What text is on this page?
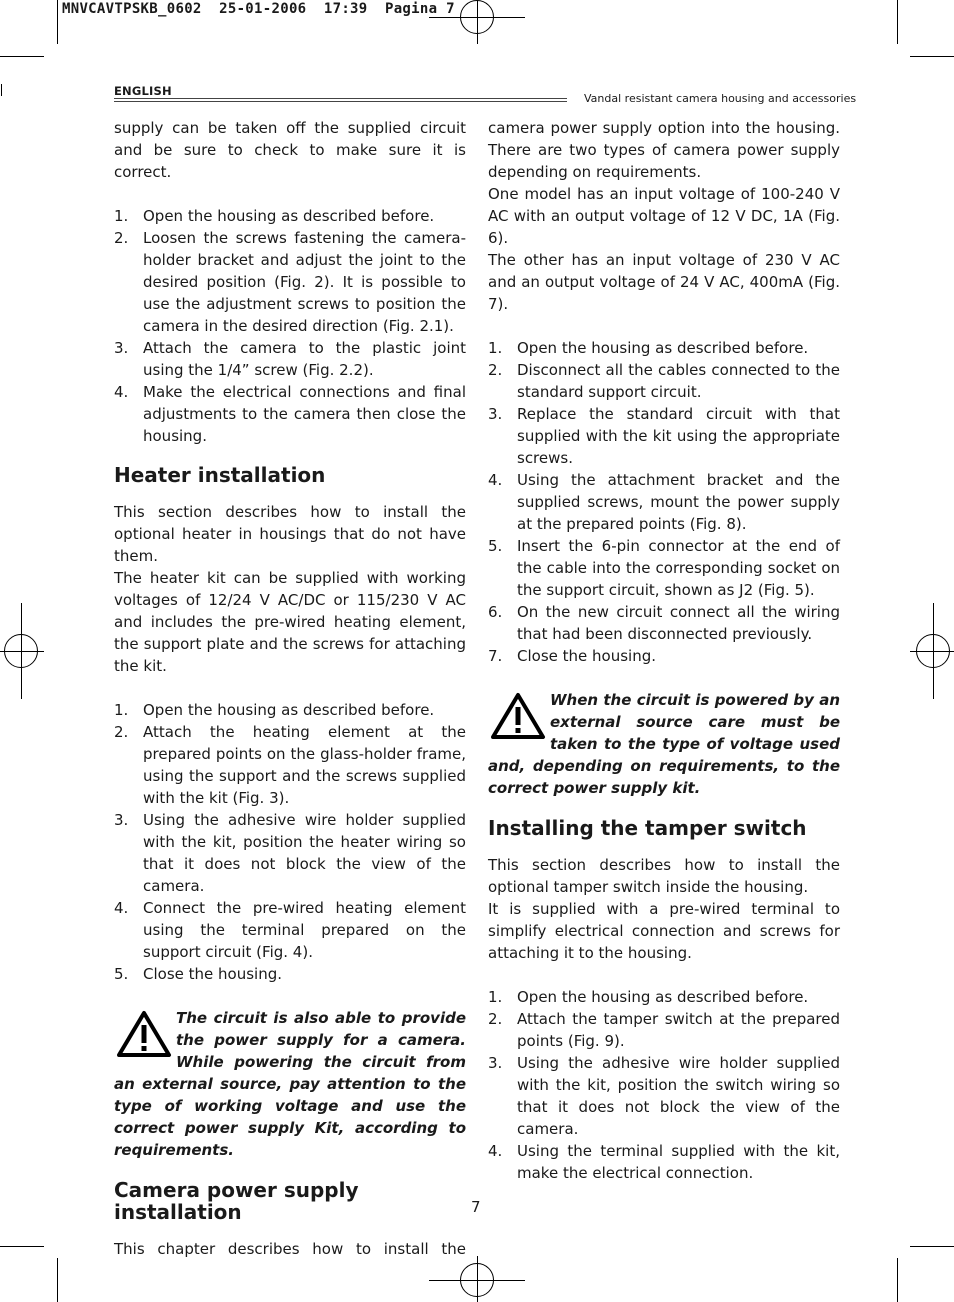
MNVCAVTPSKB_0602  25-01-2006  17:39  Pagina 7
ENGLISH
Vandal resistant camera housing and accessories

supply can be taken off the supplied circuit and be sure to check to make sure it is correct.

1. Open the housing as described before.
2. Loosen the screws fastening the camera-holder bracket and adjust the joint to the desired position (Fig. 2). It is possible to use the adjustment screws to position the camera in the desired direction (Fig. 2.1).
3. Attach the camera to the plastic joint using the 1/4” screw (Fig. 2.2).
4. Make the electrical connections and final adjustments to the camera then close the housing.
Heater installation

This section describes how to install the optional heater in housings that do not have them.

The heater kit can be supplied with working voltages of 12/24 V AC/DC or 115/230 V AC and includes the pre-wired heating element, the support plate and the screws for attaching the kit.

1. Open the housing as described before.
2. Attach the heating element at the prepared points on the glass-holder frame, using the support and the screws supplied with the kit (Fig. 3).
3. Using the adhesive wire holder supplied with the kit, position the heater wiring so that it does not block the view of the camera.
4. Connect the pre-wired heating element using the terminal prepared on the support circuit (Fig. 4).
5. Close the housing.
The circuit is also able to provide the power supply for a camera. While powering the circuit from an external source, pay attention to the type of working voltage and use the correct power supply Kit, according to requirements.
Camera power supply installation

This chapter describes how to install the

camera power supply option into the housing. There are two types of camera power supply depending on requirements.

One model has an input voltage of 100-240 V AC with an output voltage of 12 V DC, 1A (Fig. 6).

The other has an input voltage of 230 V AC and an output voltage of 24 V AC, 400mA (Fig. 7).

1. Open the housing as described before.
2. Disconnect all the cables connected to the standard support circuit.
3. Replace the standard circuit with that supplied with the kit using the appropriate screws.
4. Using the attachment bracket and the supplied screws, mount the power supply at the prepared points (Fig. 8).
5. Insert the 6-pin connector at the end of the cable into the corresponding socket on the support circuit, shown as J2 (Fig. 5).
6. On the new circuit connect all the wiring that had been disconnected previously.
7. Close the housing.
When the circuit is powered by an external source care must be taken to the type of voltage used and, depending on requirements, to the correct power supply kit.
Installing the tamper switch

This section describes how to install the optional tamper switch inside the housing.

It is supplied with a pre-wired terminal to simplify electrical connection and screws for attaching it to the housing.

1. Open the housing as described before.
2. Attach the tamper switch at the prepared points (Fig. 9).
3. Using the adhesive wire holder supplied with the kit, position the switch wiring so that it does not block the view of the camera.
4. Using the terminal supplied with the kit, make the electrical connection.
7
